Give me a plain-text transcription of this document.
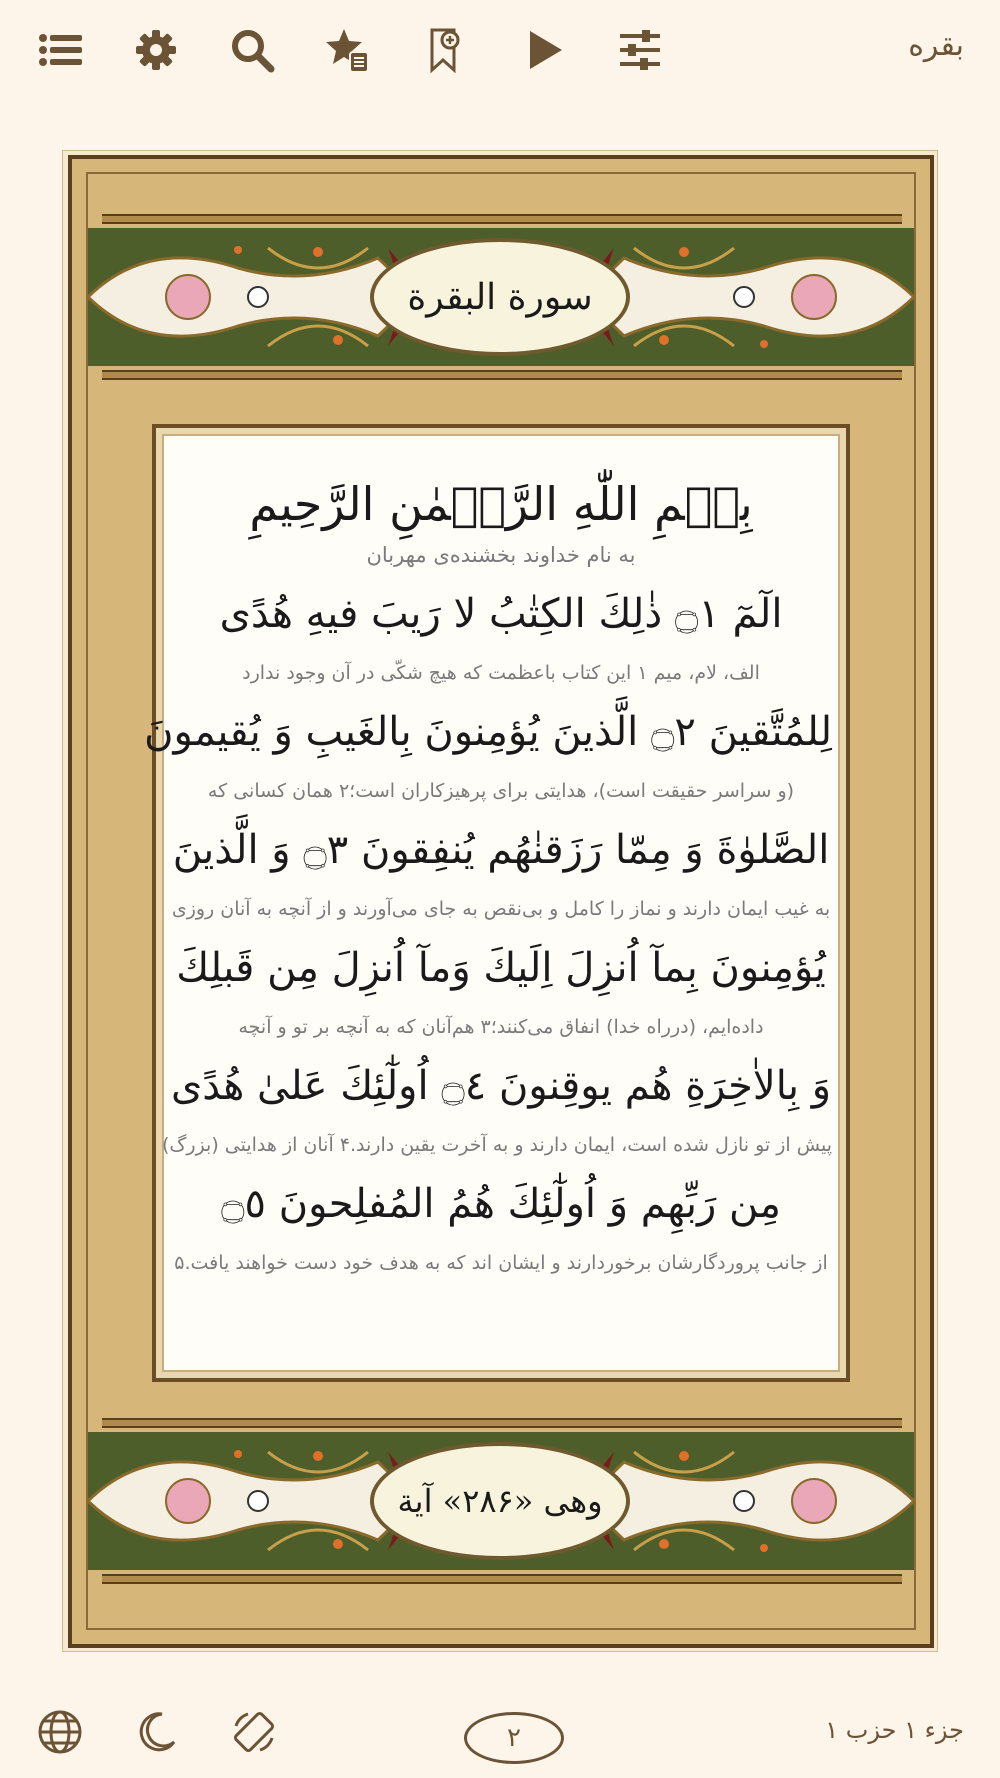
بقره
سورة البقرة
بِسۡمِ اللّٰهِ الرَّحۡمٰنِ الرَّحِیمِ
به نام خداوند بخشنده‌ی مهربان
الٓمٓ ۝١ ذٰلِكَ الكِتٰبُ لا رَیبَ فیهِ هُدًی
الف، لام، میم ۱ این کتاب باعظمت که هیچ شکّی در آن وجود ندارد
لِلمُتَّقینَ ۝٢ الَّذینَ یُؤمِنونَ بِالغَیبِ وَ یُقیمونَ
(و سراسر حقیقت است)، هدایتی برای پرهیزکاران است؛۲ همان کسانی که
الصَّلوٰةَ وَ مِمّا رَزَقنٰهُم یُنفِقونَ ۝٣ وَ الَّذینَ
به غیب ایمان دارند و نماز را کامل و بی‌نقص به جای می‌آورند و از آنچه به آنان روزی
یُؤمِنونَ بِمآ اُنزِلَ اِلَیكَ وَمآ اُنزِلَ مِن قَبلِكَ
داده‌ایم، (درراه خدا) انفاق می‌کنند؛۳ هم‌آنان که به آنچه بر تو و آنچه
وَ بِالاٰخِرَةِ هُم یوقِنونَ ۝٤ اُولٰٓئِكَ عَلیٰ هُدًی
پیش از تو نازل شده است، ایمان دارند و به آخرت یقین دارند.۴ آنان از هدایتی (بزرگ)
مِن رَبِّهِم وَ اُولٰٓئِكَ هُمُ المُفلِحونَ ۝٥
از جانب پروردگارشان برخوردارند و ایشان اند که به هدف خود دست خواهند یافت.۵
وهی «۲۸۶» آیة
۲	جزء ۱ حزب ۱
